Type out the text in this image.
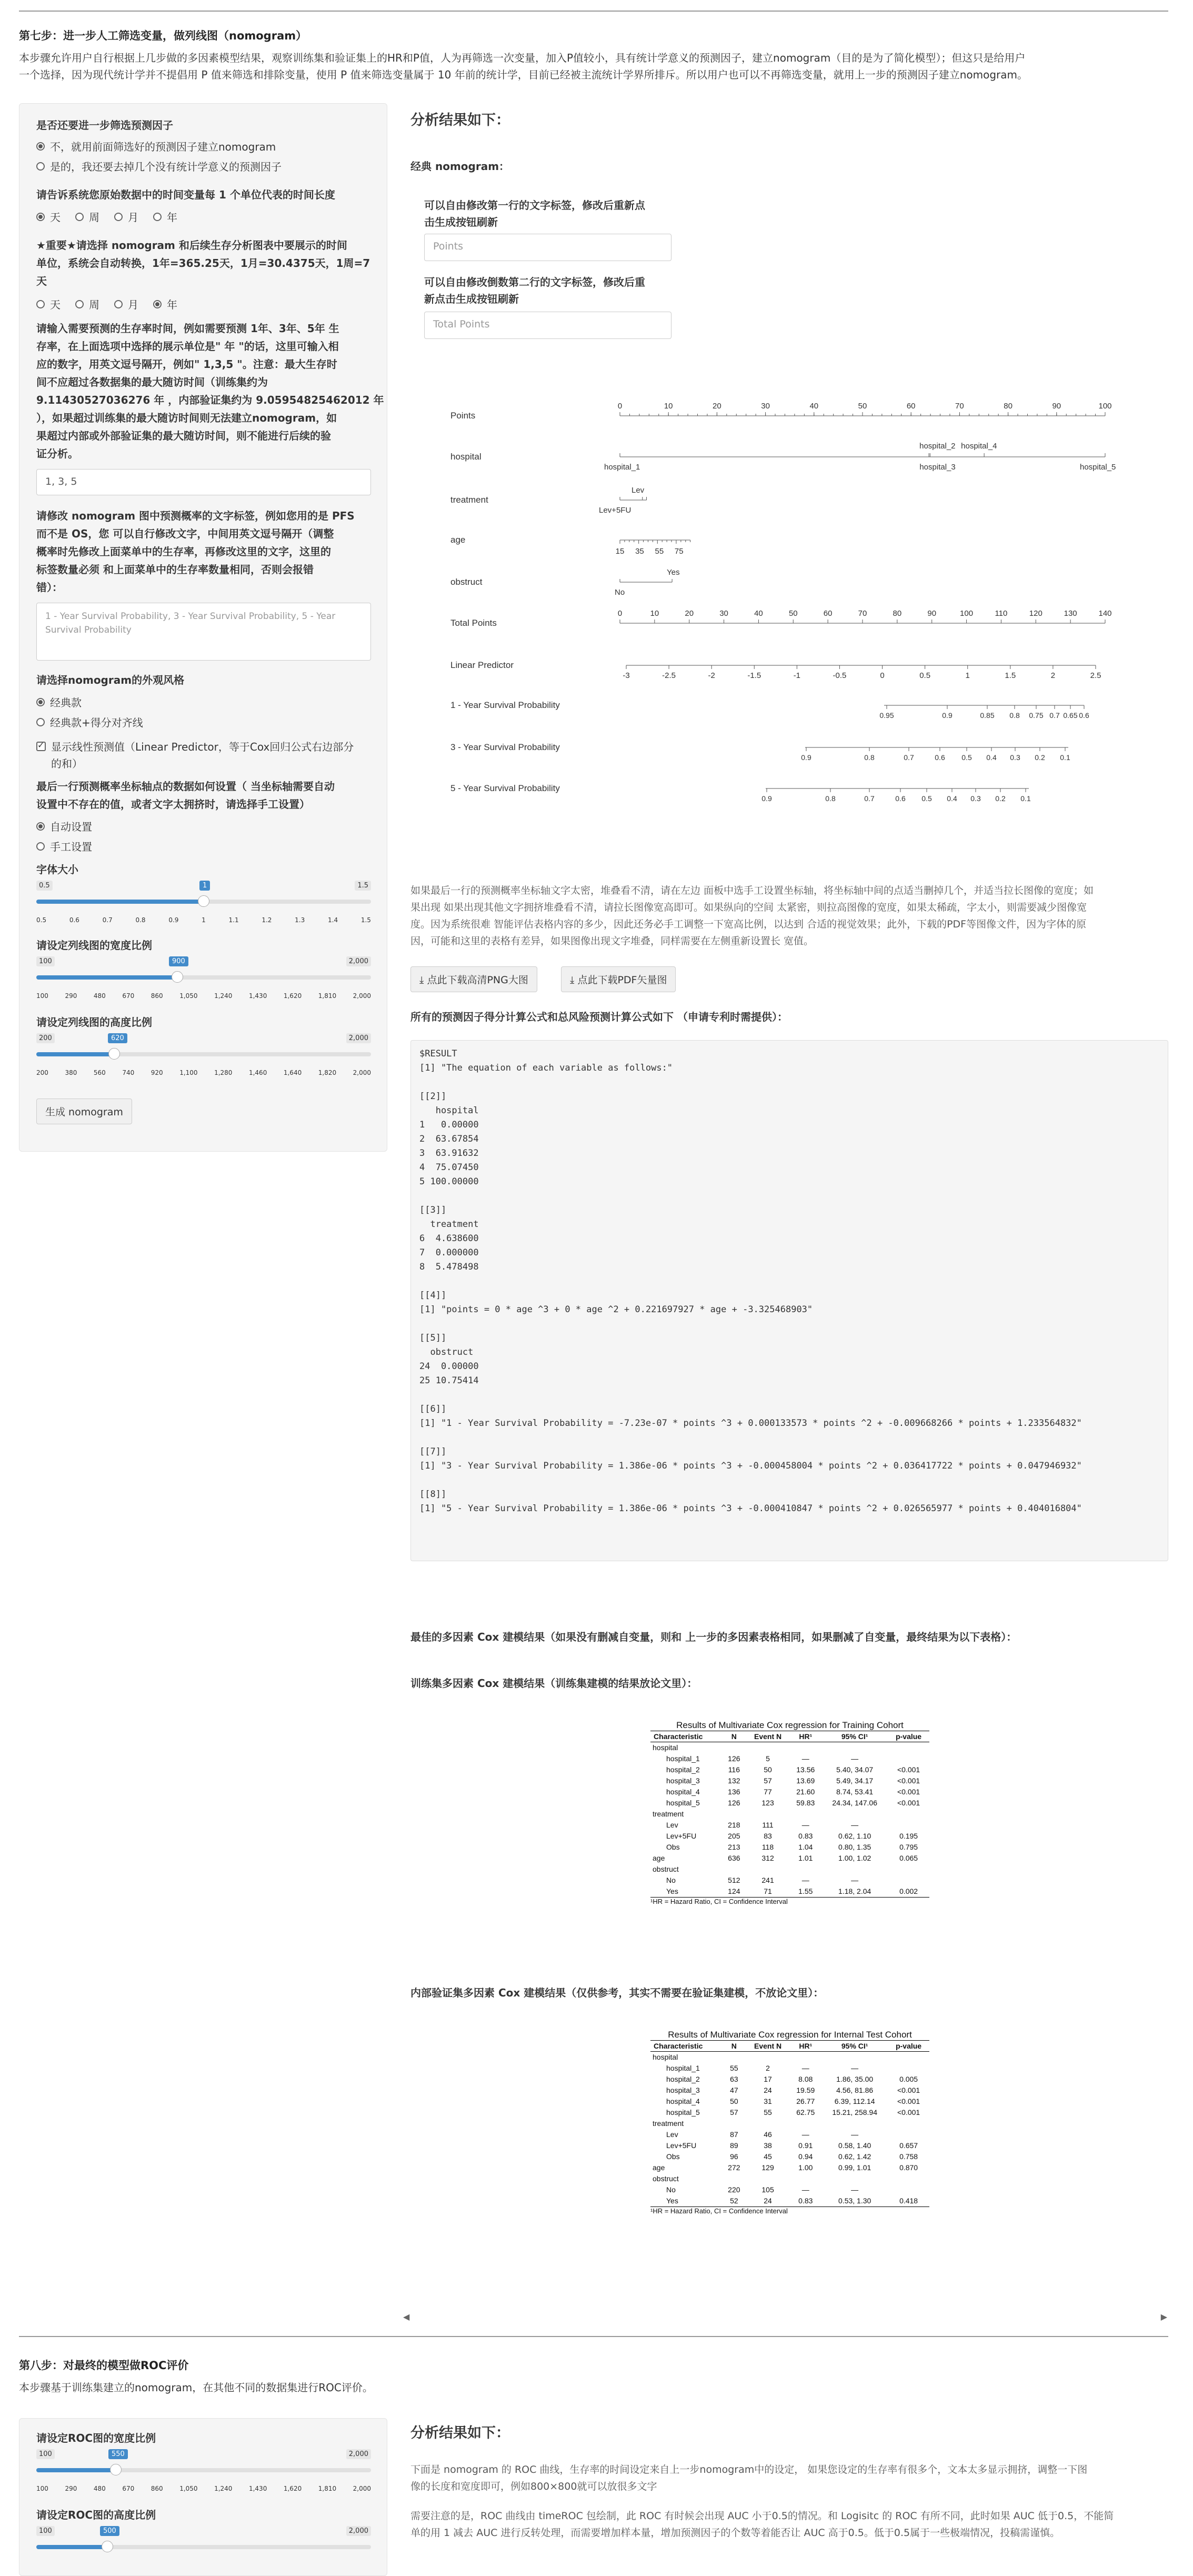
第七步：进一步人工筛选变量，做列线图（nomogram）
本步骤允许用户自行根据上几步做的多因素模型结果，观察训练集和验证集上的HR和P值，人为再筛选一次变量，加入P值较小，具有统计学意义的预测因子，建立nomogram（目的是为了简化模型）；但这只是给用户
一个选择，因为现代统计学并不提倡用 P 值来筛选和排除变量，使用 P 值来筛选变量属于 10 年前的统计学，目前已经被主流统计学界所排斥。所以用户也可以不再筛选变量，就用上一步的预测因子建立nomogram。
是否还要进一步筛选预测因子
不，就用前面筛选好的预测因子建立nomogram
是的，我还要去掉几个没有统计学意义的预测因子
请告诉系统您原始数据中的时间变量每 1 个单位代表的时间长度
天	周	月	年
★重要★请选择 nomogram 和后续生存分析图表中要展示的时间
单位，系统会自动转换，1年=365.25天，1月=30.4375天，1周=7
天
天	周	月	年
请输入需要预测的生存率时间，例如需要预测 1年、3年、5年 生
存率，在上面选项中选择的展示单位是" 年 "的话，这里可输入相
应的数字，用英文逗号隔开，例如" 1,3,5 "。注意：最大生存时
间不应超过各数据集的最大随访时间（训练集约为
9.11430527036276 年 ，内部验证集约为 9.05954825462012 年
），如果超过训练集的最大随访时间则无法建立nomogram，如
果超过内部或外部验证集的最大随访时间，则不能进行后续的验
证分析。
1, 3, 5
请修改 nomogram 图中预测概率的文字标签，例如您用的是 PFS
而不是 OS，您 可以自行修改文字，中间用英文逗号隔开（调整
概率时先修改上面菜单中的生存率，再修改这里的文字，这里的
标签数量必须 和上面菜单中的生存率数量相同，否则会报错
错）：
1 - Year Survival Probability, 3 - Year Survival Probability, 5 - Year
Survival Probability
请选择nomogram的外观风格
经典款
经典款+得分对齐线
✓
显示线性预测值（Linear Predictor，等于Cox回归公式右边部分
的和）
最后一行预测概率坐标轴点的数据如何设置（ 当坐标轴需要自动
设置中不存在的值，或者文字太拥挤时，请选择手工设置）
自动设置
手工设置
字体大小
0.5	1.5
1
0.5	0.6	0.7	0.8	0.9	1	1.1	1.2	1.3	1.4	1.5
请设定列线图的宽度比例
100	2,000
900
100	290	480	670	860	1,050	1,240	1,430	1,620	1,810	2,000
请设定列线图的高度比例
200	2,000
620
200	380	560	740	920	1,100	1,280	1,460	1,640	1,820	2,000
生成 nomogram
分析结果如下：
经典 nomogram：
可以自由修改第一行的文字标签，修改后重新点
击生成按钮刷新
Points
可以自由修改倒数第二行的文字标签，修改后重
新点击生成按钮刷新
Total Points
Points
hospital
treatment
age
obstruct
Total Points
Linear Predictor
1 - Year Survival Probability
3 - Year Survival Probability
5 - Year Survival Probability
0	10	20	30	40	50	60	70	80	90	100
hospital_1
hospital_2 hospital_4
hospital_3	hospital_5
Lev
Lev+5FU
15 35 55 75
Yes
No
0	10	20	30	40	50	60	70	80	90	100	110	120	130	140
-3	-2.5	-2	-1.5	-1	-0.5	0	0.5	1	1.5	2	2.5
0.95	0.9	0.85 0.8 0.75 0.7 0.65 0.6
0.9	0.8	0.7	0.6 0.5 0.4 0.3 0.2 0.1
0.9	0.8	0.7	0.6 0.5 0.4 0.3 0.2 0.1
如果最后一行的预测概率坐标轴文字太密，堆叠看不清，请在左边 面板中选手工设置坐标轴，将坐标轴中间的点适当删掉几个，并适当拉长图像的宽度；如
果出现 如果出现其他文字拥挤堆叠看不清，请拉长图像宽高即可。如果纵向的空间 太紧密，则拉高图像的宽度，如果太稀疏，字太小，则需要减少图像宽
度。因为系统很难 智能评估表格内容的多少，因此还务必手工调整一下宽高比例，以达到 合适的视觉效果；此外，下载的PDF等图像文件，因为字体的原
因，可能和这里的表格有差异，如果图像出现文字堆叠，同样需要在左侧重新设置长 宽值。
⤓ 点此下载高清PNG大图	⤓ 点此下载PDF矢量图
所有的预测因子得分计算公式和总风险预测计算公式如下 （申请专利时需提供）：
$RESULT
[1] "The equation of each variable as follows:"

[[2]]
hospital
1   0.00000
2  63.67854
3  63.91632
4  75.07450
5 100.00000

[[3]]
treatment
6  4.638600
7  0.000000
8  5.478498

[[4]]
[1] "points = 0 * age ^3 + 0 * age ^2 + 0.221697927 * age + -3.325468903"

[[5]]
obstruct
24  0.00000
25 10.75414

[[6]]
[1] "1 - Year Survival Probability = -7.23e-07 * points ^3 + 0.000133573 * points ^2 + -0.009668266 * points + 1.233564832"

[[7]]
[1] "3 - Year Survival Probability = 1.386e-06 * points ^3 + -0.000458004 * points ^2 + 0.036417722 * points + 0.047946932"

[[8]]
[1] "5 - Year Survival Probability = 1.386e-06 * points ^3 + -0.000410847 * points ^2 + 0.026565977 * points + 0.404016804"
最佳的多因素 Cox 建模结果（如果没有删减自变量，则和 上一步的多因素表格相同，如果删减了自变量，最终结果为以下表格）：
训练集多因素 Cox 建模结果（训练集建模的结果放论文里）：
Results of Multivariate Cox regression for Training Cohort
Characteristic	N	Event N	HR¹	95% CI¹	p-value
hospital					
hospital_1	126	5	—	—	
hospital_2	116	50	13.56	5.40, 34.07	<0.001
hospital_3	132	57	13.69	5.49, 34.17	<0.001
hospital_4	136	77	21.60	8.74, 53.41	<0.001
hospital_5	126	123	59.83	24.34, 147.06	<0.001
treatment					
Lev	218	111	—	—	
Lev+5FU	205	83	0.83	0.62, 1.10	0.195
Obs	213	118	1.04	0.80, 1.35	0.795
age	636	312	1.01	1.00, 1.02	0.065
obstruct					
No	512	241	—	—	
Yes	124	71	1.55	1.18, 2.04	0.002
¹HR = Hazard Ratio, CI = Confidence Interval
内部验证集多因素 Cox 建模结果（仅供参考，其实不需要在验证集建模，不放论文里）：
Results of Multivariate Cox regression for Internal Test Cohort
Characteristic	N	Event N	HR¹	95% CI¹	p-value
hospital					
hospital_1	55	2	—	—	
hospital_2	63	17	8.08	1.86, 35.00	0.005
hospital_3	47	24	19.59	4.56, 81.86	<0.001
hospital_4	50	31	26.77	6.39, 112.14	<0.001
hospital_5	57	55	62.75	15.21, 258.94	<0.001
treatment					
Lev	87	46	—	—	
Lev+5FU	89	38	0.91	0.58, 1.40	0.657
Obs	96	45	0.94	0.62, 1.42	0.758
age	272	129	1.00	0.99, 1.01	0.870
obstruct					
No	220	105	—	—	
Yes	52	24	0.83	0.53, 1.30	0.418
¹HR = Hazard Ratio, CI = Confidence Interval
◀	▶
第八步：对最终的模型做ROC评价
本步骤基于训练集建立的nomogram，在其他不同的数据集进行ROC评价。
请设定ROC图的宽度比例
100	2,000
550
100	290	480	670	860	1,050	1,240	1,430	1,620	1,810	2,000
请设定ROC图的高度比例
100	2,000
500
分析结果如下：
下面是 nomogram 的 ROC 曲线，生存率的时间设定来自上一步nomogram中的设定， 如果您设定的生存率有很多个，文本太多显示拥挤，调整一下图
像的长度和宽度即可，例如800×800就可以放很多文字
需要注意的是，ROC 曲线由 timeROC 包绘制，此 ROC 有时候会出现 AUC 小于0.5的情况。和 Logisitc 的 ROC 有所不同，此时如果 AUC 低于0.5，不能简
单的用 1 减去 AUC 进行反转处理，而需要增加样本量，增加预测因子的个数等着能否让 AUC 高于0.5。低于0.5属于一些极端情况，投稿需谨慎。
